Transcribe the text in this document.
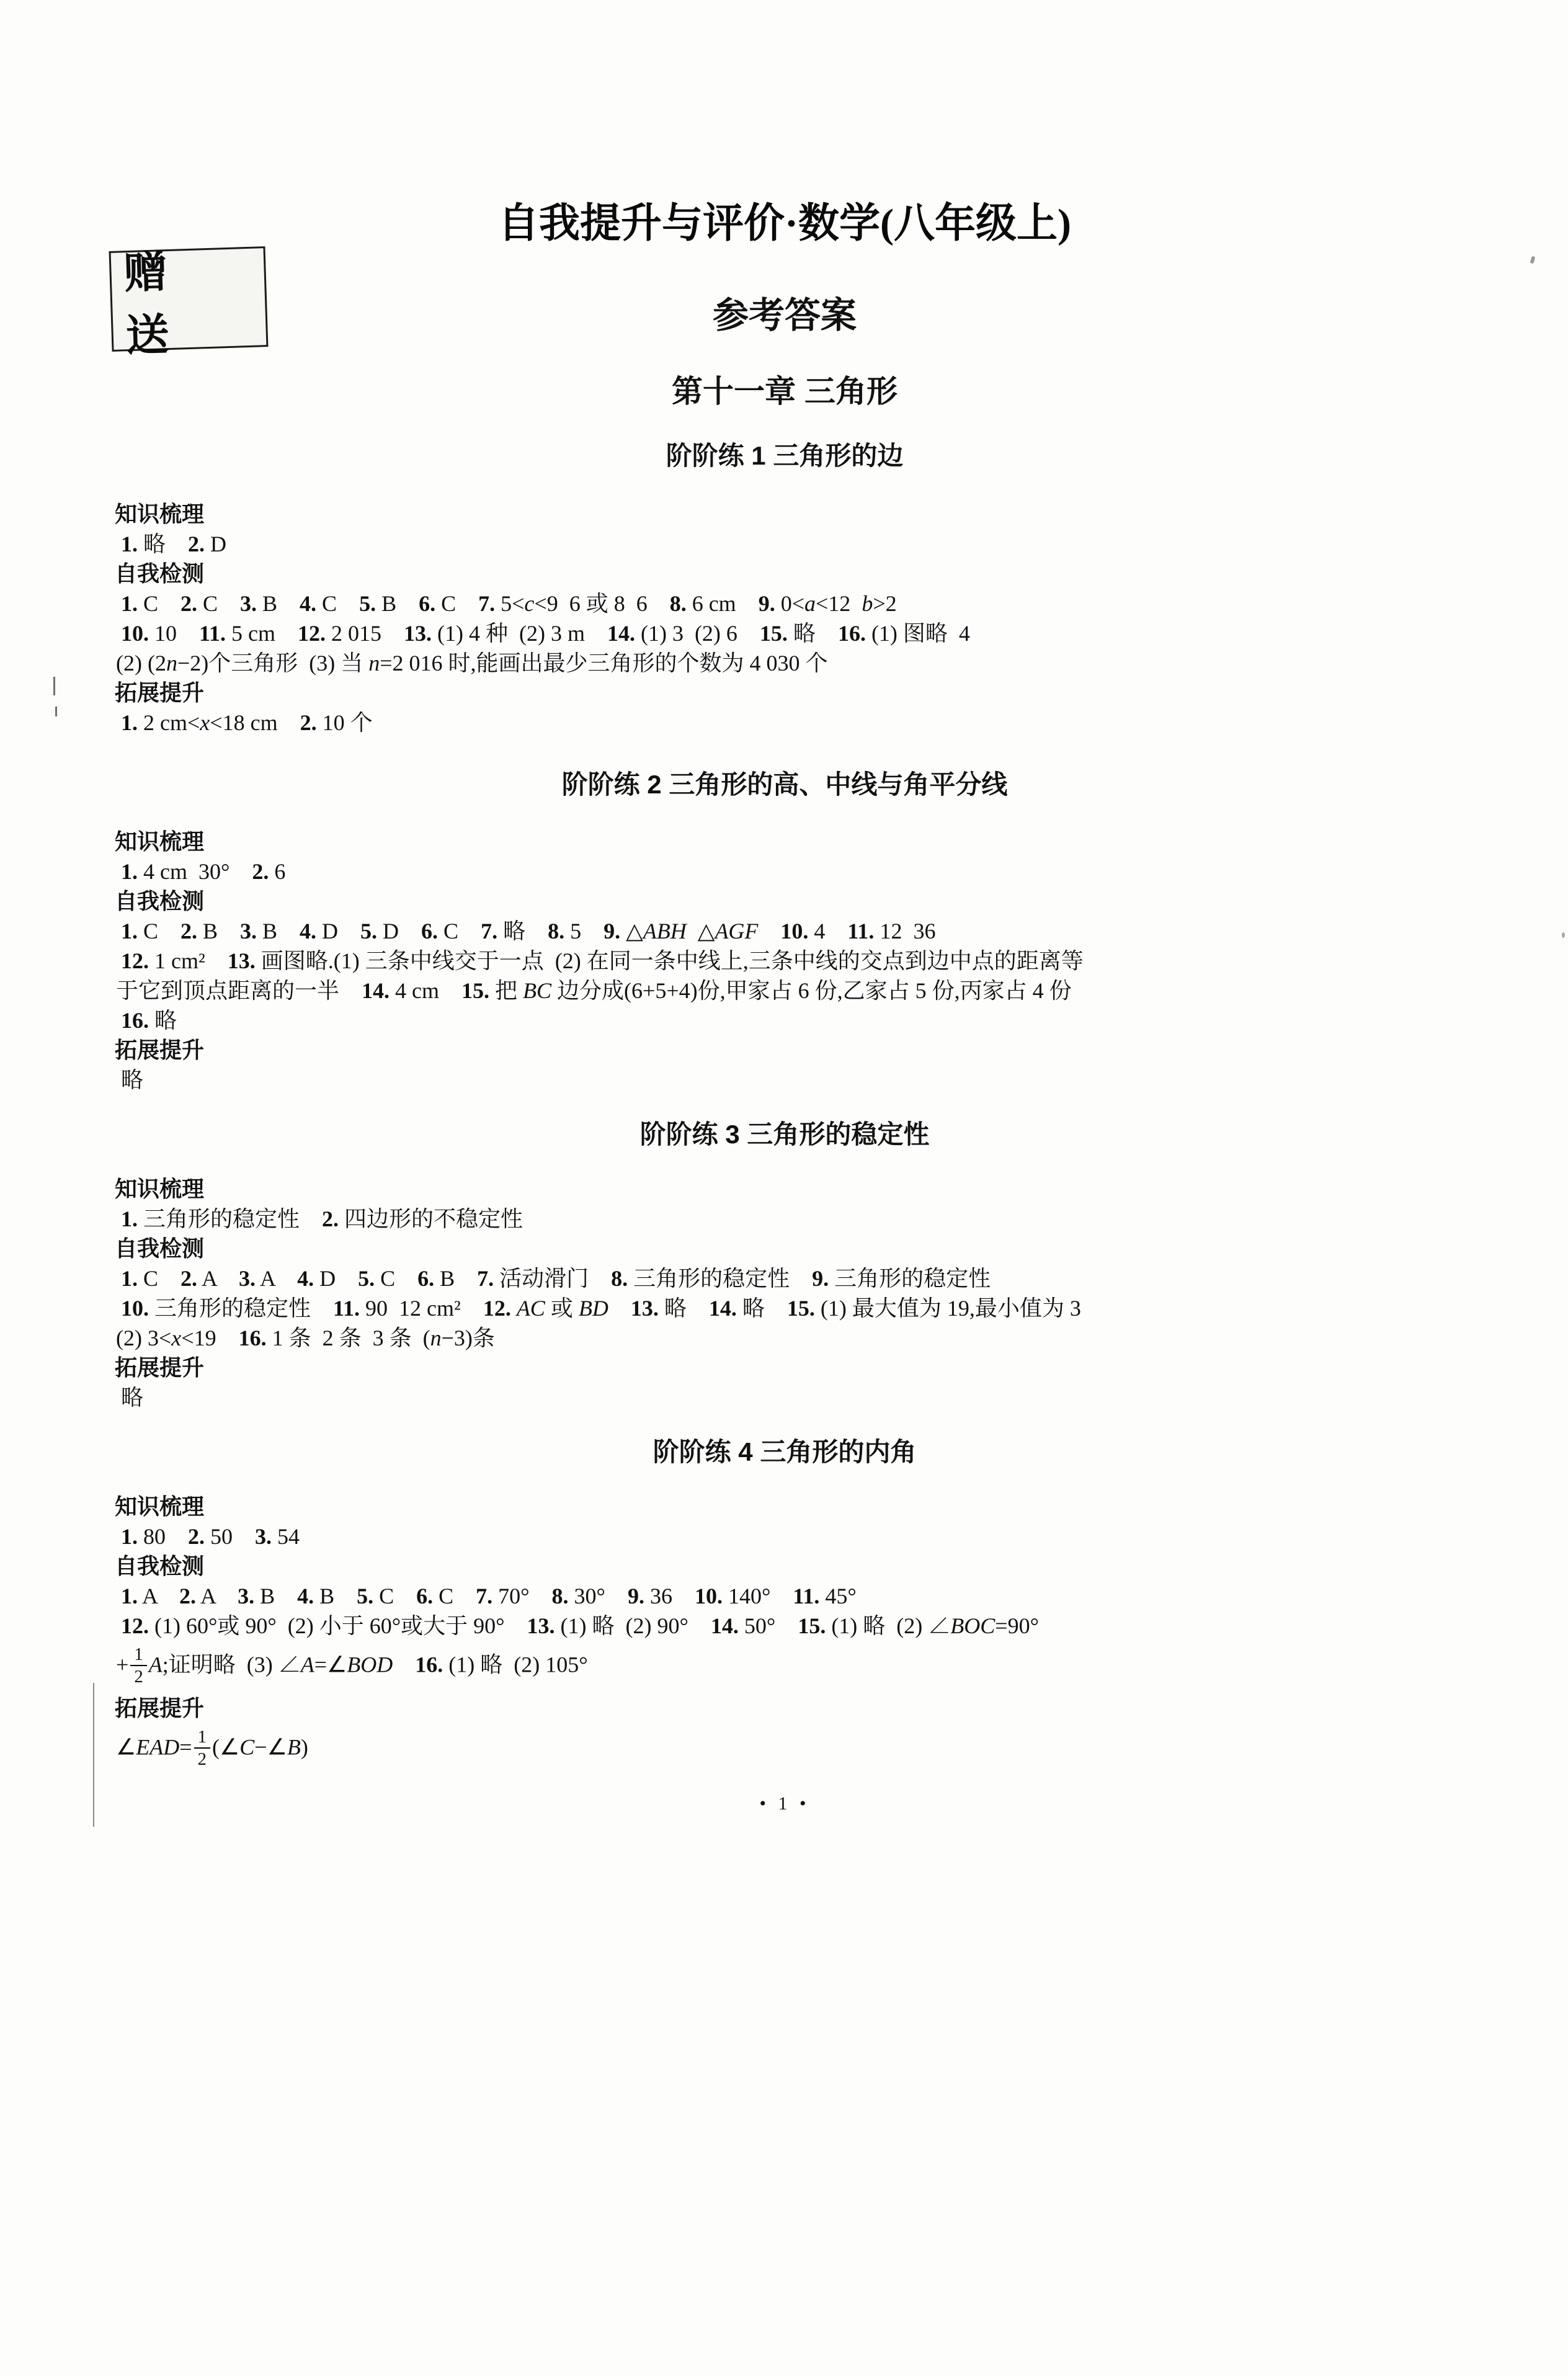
赠 送
自我提升与评价·数学(八年级上)
参考答案
第十一章 三角形
阶阶练 1 三角形的边
知识梳理
1. 略    2. D
自我检测
1. C    2. C    3. B    4. C    5. B    6. C    7. 5<c<9  6 或 8  6    8. 6 cm    9. 0<a<12  b>2
10. 10    11. 5 cm    12. 2 015    13. (1) 4 种  (2) 3 m    14. (1) 3  (2) 6    15. 略    16. (1) 图略  4
(2) (2n−2)个三角形  (3) 当 n=2 016 时,能画出最少三角形的个数为 4 030 个
拓展提升
1. 2 cm<x<18 cm    2. 10 个
阶阶练 2 三角形的高、中线与角平分线
知识梳理
1. 4 cm  30°    2. 6
自我检测
1. C    2. B    3. B    4. D    5. D    6. C    7. 略    8. 5    9. △ABH  △AGF 10. 4    11. 12  36
12. 1 cm²    13. 画图略.(1) 三条中线交于一点  (2) 在同一条中线上,三条中线的交点到边中点的距离等
于它到顶点距离的一半    14. 4 cm    15. 把 BC 边分成(6+5+4)份,甲家占 6 份,乙家占 5 份,丙家占 4 份
16. 略
拓展提升
略
阶阶练 3 三角形的稳定性
知识梳理
1. 三角形的稳定性    2. 四边形的不稳定性
自我检测
1. C    2. A    3. A    4. D    5. C    6. B    7. 活动滑门    8. 三角形的稳定性    9. 三角形的稳定性
10. 三角形的稳定性    11. 90  12 cm²    12. AC 或 BD 13. 略    14. 略    15. (1) 最大值为 19,最小值为 3
(2) 3<x<19    16. 1 条  2 条  3 条  (n−3)条
拓展提升
略
阶阶练 4 三角形的内角
知识梳理
1. 80    2. 50    3. 54
自我检测
1. A    2. A    3. B    4. B    5. C    6. C    7. 70°    8. 30°    9. 36    10. 140°    11. 45°
12. (1) 60°或 90°  (2) 小于 60°或大于 90°    13. (1) 略  (2) 90°    14. 50°    15. (1) 略  (2) ∠BOC=90°
+ $\frac{1}{2} A$;证明略  (3) ∠A=∠BOD 16. (1) 略  (2) 105°
拓展提升
∠EAD= $\frac{1}{2}$ (∠C−∠B)
• 1 •
